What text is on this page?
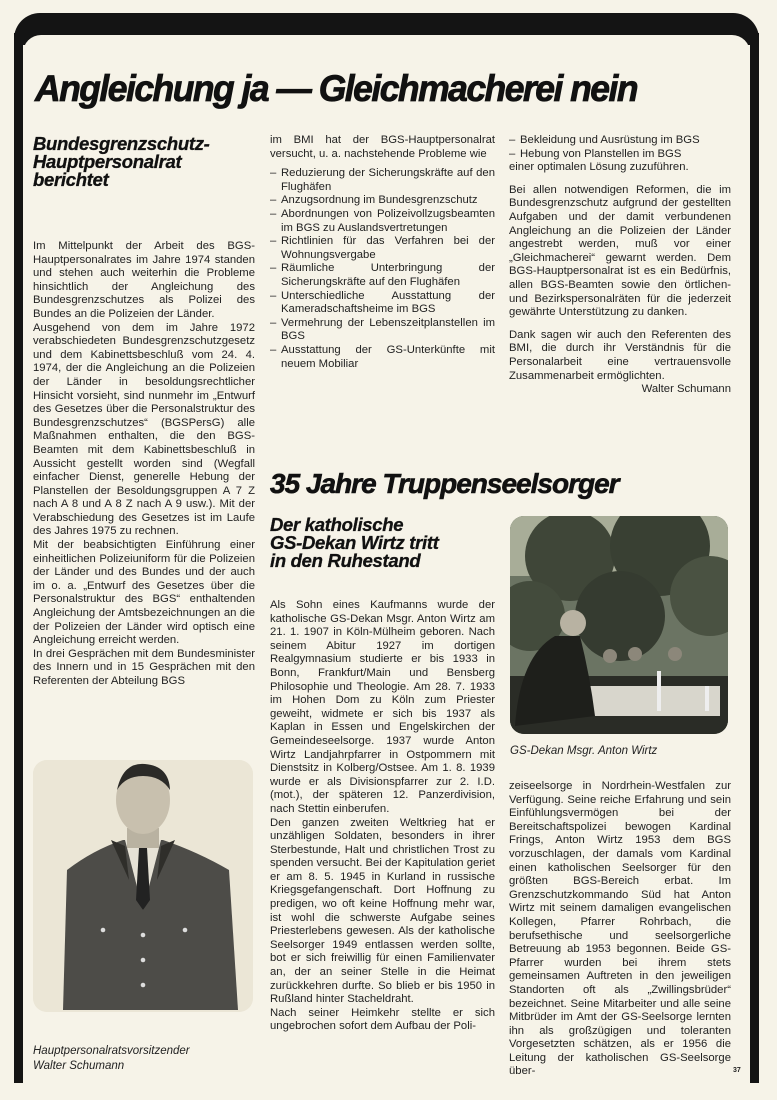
Angleichung ja — Gleichmacherei nein
Bundesgrenzschutz-
Hauptpersonalrat
berichtet

Im Mittelpunkt der Arbeit des BGS-Hauptpersonalrates im Jahre 1974 standen und stehen auch weiterhin die Probleme hinsichtlich der Angleichung des Bundesgrenzschutzes als Polizei des Bundes an die Polizeien der Länder.

Ausgehend von dem im Jahre 1972 verabschiedeten Bundesgrenzschutzgesetz und dem Kabinettsbeschluß vom 24. 4. 1974, der die Angleichung an die Polizeien der Länder in besoldungsrechtlicher Hinsicht vorsieht, sind nunmehr im „Entwurf des Gesetzes über die Personalstruktur des Bundesgrenzschutzes“ (BGSPersG) alle Maßnahmen enthalten, die den BGS-Beamten mit dem Kabinettsbeschluß in Aussicht gestellt worden sind (Wegfall einfacher Dienst, generelle Hebung der Planstellen der Besoldungsgruppen A 7 Z nach A 8 und A 8 Z nach A 9 usw.). Mit der Verabschiedung des Gesetzes ist im Laufe des Jahres 1975 zu rechnen.

Mit der beabsichtigten Einführung einer einheitlichen Polizeiuniform für die Polizeien der Länder und des Bundes und der auch im o. a. „Entwurf des Gesetzes über die Personalstruktur des BGS“ enthaltenden Angleichung der Amtsbezeichnungen an die der Polizeien der Länder wird optisch eine Angleichung erreicht werden.

In drei Gesprächen mit dem Bundesminister des Innern und in 15 Gesprächen mit den Referenten der Abteilung BGS

Hauptpersonalratsvorsitzender
Walter Schumann

im BMI hat der BGS-Hauptpersonalrat versucht, u. a. nachstehende Probleme wie

– Reduzierung der Sicherungskräfte auf den Flughäfen
– Anzugsordnung im Bundesgrenzschutz
– Abordnungen von Polizeivollzugsbeamten im BGS zu Auslandsvertretungen
– Richtlinien für das Verfahren bei der Wohnungsvergabe
– Räumliche Unterbringung der Sicherungskräfte auf den Flughäfen
– Unterschiedliche Ausstattung der Kameradschaftsheime im BGS
– Vermehrung der Lebenszeitplanstellen im BGS
– Ausstattung der GS-Unterkünfte mit neuem Mobiliar
– Bekleidung und Ausrüstung im BGS
– Hebung von Planstellen im BGS

einer optimalen Lösung zuzuführen.

Bei allen notwendigen Reformen, die im Bundesgrenzschutz aufgrund der gestellten Aufgaben und der damit verbundenen Angleichung an die Polizeien der Länder angestrebt werden, muß vor einer „Gleichmacherei“ gewarnt werden. Dem BGS-Hauptpersonalrat ist es ein Bedürfnis, allen BGS-Beamten sowie den örtlichen- und Bezirkspersonalräten für die jederzeit gewährte Unterstützung zu danken.

Dank sagen wir auch den Referenten des BMI, die durch ihr Verständnis für die Personalarbeit eine vertrauensvolle Zusammenarbeit ermöglichten.

Walter Schumann

35 Jahre Truppenseelsorger
Der katholische
GS-Dekan Wirtz tritt
in den Ruhestand

Als Sohn eines Kaufmanns wurde der katholische GS-Dekan Msgr. Anton Wirtz am 21. 1. 1907 in Köln-Mülheim geboren. Nach seinem Abitur 1927 im dortigen Realgymnasium studierte er bis 1933 in Bonn, Frankfurt/Main und Bensberg Philosophie und Theologie. Am 28. 7. 1933 im Hohen Dom zu Köln zum Priester geweiht, widmete er sich bis 1937 als Kaplan in Essen und Engelskirchen der Gemeindeseelsorge. 1937 wurde Anton Wirtz Landjahrpfarrer in Ostpommern mit Dienstsitz in Kolberg/Ostsee. Am 1. 8. 1939 wurde er als Divisionspfarrer zur 2. I.D. (mot.), der späteren 12. Panzerdivision, nach Stettin einberufen.

Den ganzen zweiten Weltkrieg hat er unzähligen Soldaten, besonders in ihrer Sterbestunde, Halt und christlichen Trost zu spenden versucht. Bei der Kapitulation geriet er am 8. 5. 1945 in Kurland in russische Kriegsgefangenschaft. Dort Hoffnung zu predigen, wo oft keine Hoffnung mehr war, ist wohl die schwerste Aufgabe seines Priesterlebens gewesen. Als der katholische Seelsorger 1949 entlassen werden sollte, bot er sich freiwillig für einen Familienvater an, der an seiner Stelle in die Heimat zurückkehren durfte. So blieb er bis 1950 in Rußland hinter Stacheldraht.

Nach seiner Heimkehr stellte er sich ungebrochen sofort dem Aufbau der Poli-

GS-Dekan Msgr. Anton Wirtz

zeiseelsorge in Nordrhein-Westfalen zur Verfügung. Seine reiche Erfahrung und sein Einfühlungsvermögen bei der Bereitschaftspolizei bewogen Kardinal Frings, Anton Wirtz 1953 dem BGS vorzuschlagen, der damals vom Kardinal einen katholischen Seelsorger für den größten BGS-Bereich erbat. Im Grenzschutzkommando Süd hat Anton Wirtz mit seinem damaligen evangelischen Kollegen, Pfarrer Rohrbach, die berufsethische und seelsorgerliche Betreuung ab 1953 begonnen. Beide GS-Pfarrer wurden bei ihrem stets gemeinsamen Auftreten in den jeweiligen Standorten oft als „Zwillingsbrüder“ bezeichnet. Seine Mitarbeiter und alle seine Mitbrüder im Amt der GS-Seelsorge lernten ihn als großzügigen und toleranten Vorgesetzten schätzen, als er 1956 die Leitung der katholischen GS-Seelsorge über-	37
